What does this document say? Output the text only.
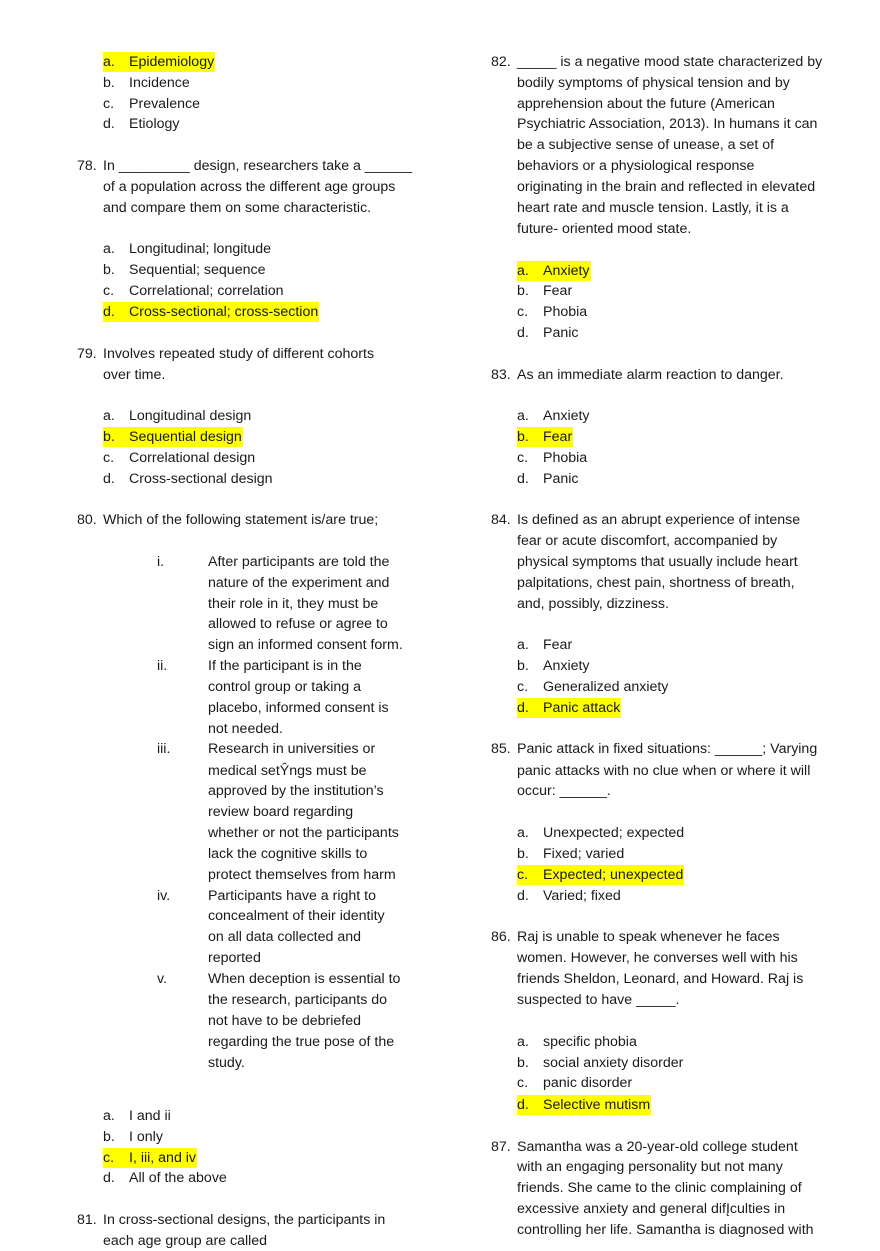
a. Epidemiology
b. Incidence
c. Prevalence
d. Etiology
78. In _________ design, researchers take a ______
of a population across the different age groups
and compare them on some characteristic.
a. Longitudinal; longitude
b. Sequential; sequence
c. Correlational; correlation
d. Cross-sectional; cross-section
79. Involves repeated study of different cohorts
over time.
a. Longitudinal design
b. Sequential design
c. Correlational design
d. Cross-sectional design
80. Which of the following statement is/are true;
i.	After participants are told the
nature of the experiment and
their role in it, they must be
allowed to refuse or agree to
sign an informed consent form.
ii.	If the participant is in the
control group or taking a
placebo, informed consent is
not needed.
iii.	Research in universities or
medical setŶngs must be
approved by the institution’s
review board regarding
whether or not the participants
lack the cognitive skills to
protect themselves from harm
iv.	Participants have a right to
concealment of their identity
on all data collected and
reported
v.	When deception is essential to
the research, participants do
not have to be debriefed
regarding the true pose of the
study.
a. I and ii
b. I only
c. I, iii, and iv
d. All of the above
81. In cross-sectional designs, the participants in
each age group are called
82. _____ is a negative mood state characterized by
bodily symptoms of physical tension and by
apprehension about the future (American
Psychiatric Association, 2013). In humans it can
be a subjective sense of unease, a set of
behaviors or a physiological response
originating in the brain and reflected in elevated
heart rate and muscle tension. Lastly, it is a
future- oriented mood state.
a. Anxiety
b. Fear
c. Phobia
d. Panic
83. As an immediate alarm reaction to danger.
a. Anxiety
b. Fear
c. Phobia
d. Panic
84. Is defined as an abrupt experience of intense
fear or acute discomfort, accompanied by
physical symptoms that usually include heart
palpitations, chest pain, shortness of breath,
and, possibly, dizziness.
a. Fear
b. Anxiety
c. Generalized anxiety
d. Panic attack
85. Panic attack in fixed situations: ______; Varying
panic attacks with no clue when or where it will
occur: ______.
a. Unexpected; expected
b. Fixed; varied
c. Expected; unexpected
d. Varied; fixed
86. Raj is unable to speak whenever he faces
women. However, he converses well with his
friends Sheldon, Leonard, and Howard. Raj is
suspected to have _____.
a. specific phobia
b. social anxiety disorder
c. panic disorder
d. Selective mutism
87. Samantha was a 20-year-old college student
with an engaging personality but not many
friends. She came to the clinic complaining of
excessive anxiety and general difĮculties in
controlling her life. Samantha is diagnosed with
